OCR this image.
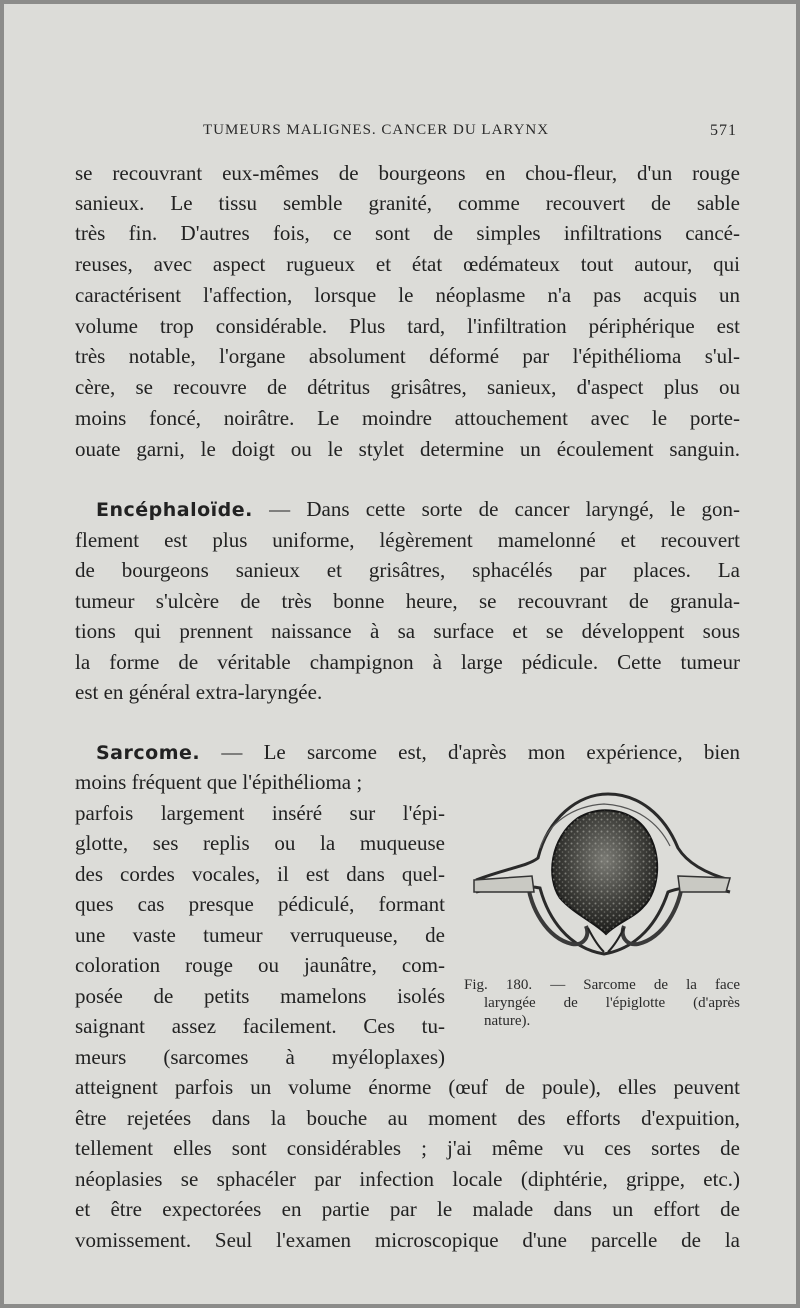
TUMEURS MALIGNES. CANCER DU LARYNX	571
se recouvrant eux-mêmes de bourgeons en chou-fleur, d'un rouge
sanieux. Le tissu semble granité, comme recouvert de sable
très fin. D'autres fois, ce sont de simples infiltrations cancé-
reuses, avec aspect rugueux et état œdémateux tout autour, qui
caractérisent l'affection, lorsque le néoplasme n'a pas acquis un
volume trop considérable. Plus tard, l'infiltration périphérique est
très notable, l'organe absolument déformé par l'épithélioma s'ul-
cère, se recouvre de détritus grisâtres, sanieux, d'aspect plus ou
moins foncé, noirâtre. Le moindre attouchement avec le porte-
ouate garni, le doigt ou le stylet determine un écoulement sanguin.
Encéphaloïde. — Dans cette sorte de cancer laryngé, le gon-
flement est plus uniforme, légèrement mamelonné et recouvert
de bourgeons sanieux et grisâtres, sphacélés par places. La
tumeur s'ulcère de très bonne heure, se recouvrant de granula-
tions qui prennent naissance à sa surface et se développent sous
la forme de véritable champignon à large pédicule. Cette tumeur
est en général extra-laryngée.
Sarcome. — Le sarcome est, d'après mon expérience, bien
moins fréquent que l'épithélioma ;
parfois largement inséré sur l'épi-
glotte, ses replis ou la muqueuse
des cordes vocales, il est dans quel-
ques cas presque pédiculé, formant
une vaste tumeur verruqueuse, de
coloration rouge ou jaunâtre, com-
posée de petits mamelons isolés
saignant assez facilement. Ces tu-
meurs (sarcomes à myéloplaxes)
atteignent parfois un volume énorme (œuf de poule), elles peuvent
être rejetées dans la bouche au moment des efforts d'expuition,
tellement elles sont considérables ; j'ai même vu ces sortes de
néoplasies se sphacéler par infection locale (diphtérie, grippe, etc.)
et être expectorées en partie par le malade dans un effort de
vomissement. Seul l'examen microscopique d'une parcelle de la
Fig. 180. — Sarcome de la face
laryngée de l'épiglotte (d'après
nature).
